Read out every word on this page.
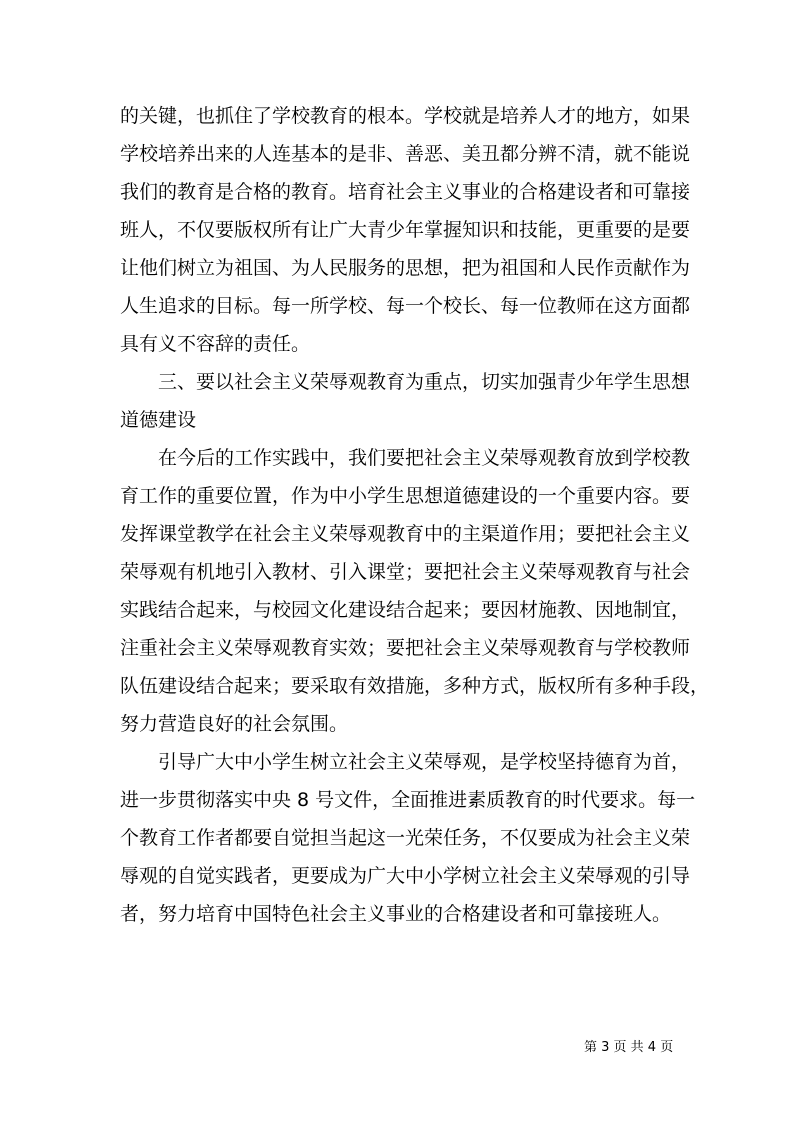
的关键，也抓住了学校教育的根本。学校就是培养人才的地方，如果
学校培养出来的人连基本的是非、善恶、美丑都分辨不清，就不能说
我们的教育是合格的教育。培育社会主义事业的合格建设者和可靠接
班人，不仅要版权所有让广大青少年掌握知识和技能，更重要的是要
让他们树立为祖国、为人民服务的思想，把为祖国和人民作贡献作为
人生追求的目标。每一所学校、每一个校长、每一位教师在这方面都
具有义不容辞的责任。
三、要以社会主义荣辱观教育为重点，切实加强青少年学生思想
道德建设
在今后的工作实践中，我们要把社会主义荣辱观教育放到学校教
育工作的重要位置，作为中小学生思想道德建设的一个重要内容。要
发挥课堂教学在社会主义荣辱观教育中的主渠道作用；要把社会主义
荣辱观有机地引入教材、引入课堂；要把社会主义荣辱观教育与社会
实践结合起来，与校园文化建设结合起来；要因材施教、因地制宜，
注重社会主义荣辱观教育实效；要把社会主义荣辱观教育与学校教师
队伍建设结合起来；要采取有效措施，多种方式，版权所有多种手段，
努力营造良好的社会氛围。
引导广大中小学生树立社会主义荣辱观，是学校坚持德育为首，
进一步贯彻落实中央 8 号文件，全面推进素质教育的时代要求。每一
个教育工作者都要自觉担当起这一光荣任务，不仅要成为社会主义荣
辱观的自觉实践者，更要成为广大中小学树立社会主义荣辱观的引导
者，努力培育中国特色社会主义事业的合格建设者和可靠接班人。
第 3 页 共 4 页
